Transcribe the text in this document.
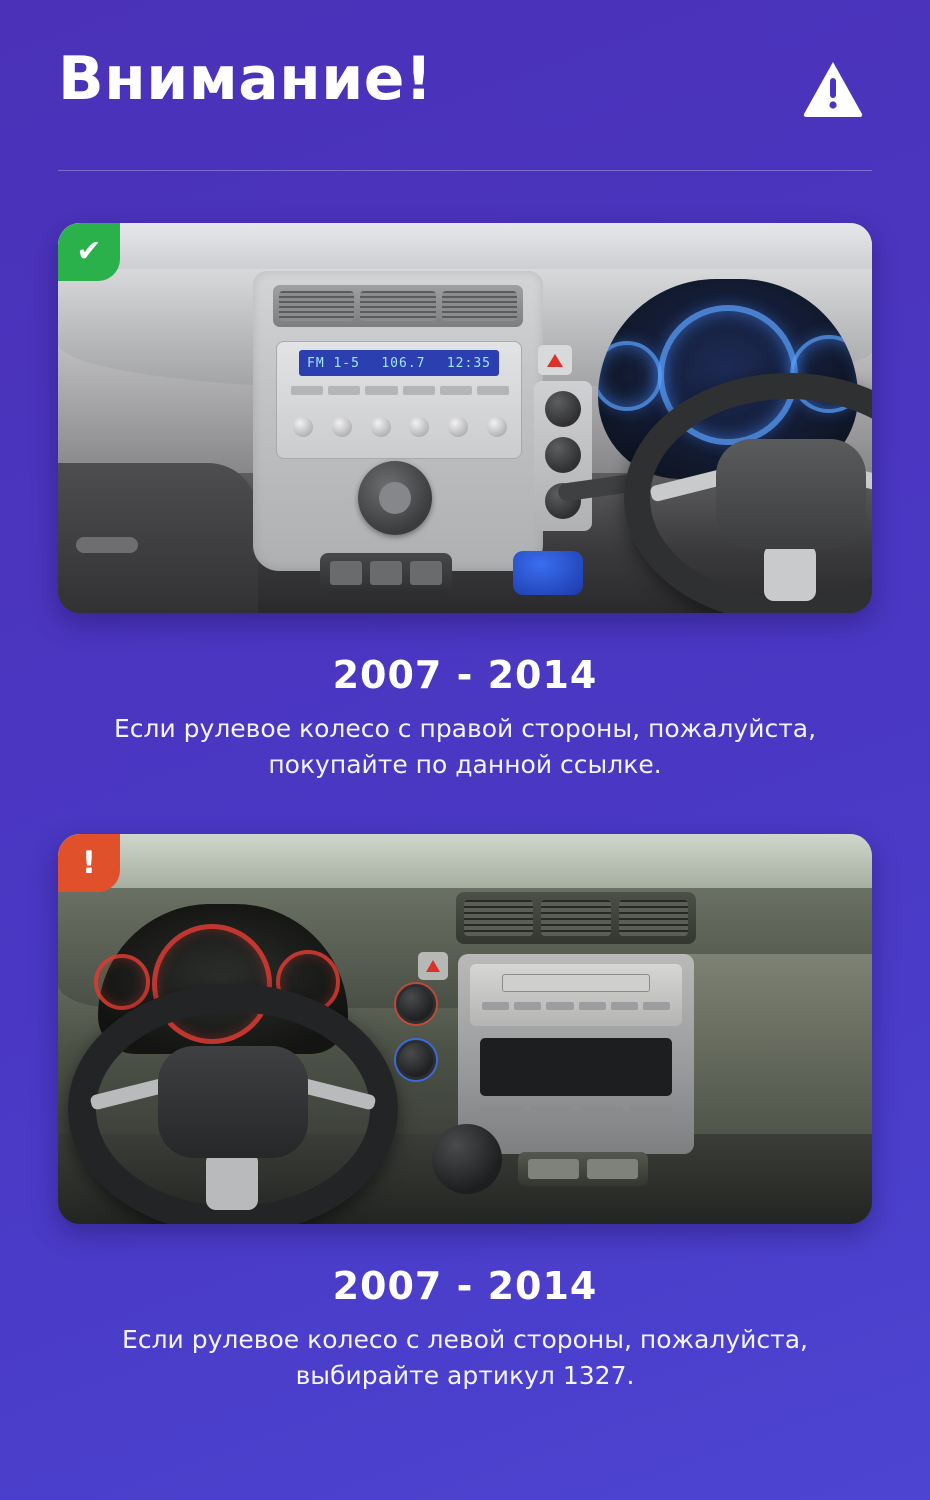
Внимание!
FM 1-5 106.7 12:35
✔
2007 - 2014
Если рулевое колесо с правой стороны, пожалуйста, покупайте по данной ссылке.
!
2007 - 2014
Если рулевое колесо с левой стороны, пожалуйста, выбирайте артикул 1327.
